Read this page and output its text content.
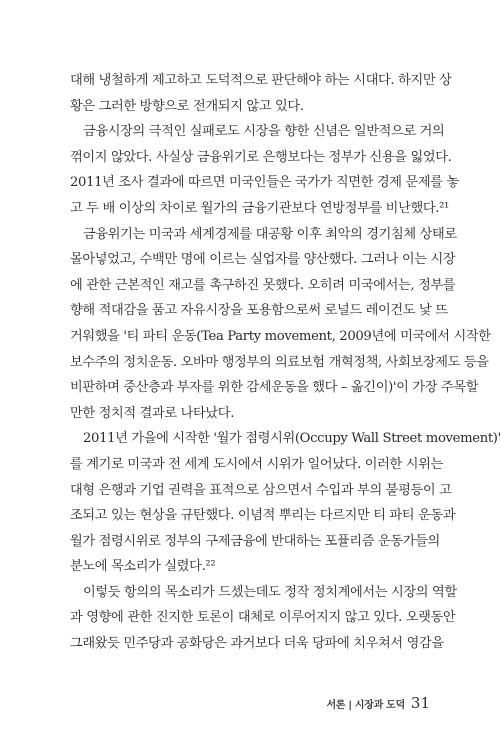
대해 냉철하게 제고하고 도덕적으로 판단해야 하는 시대다. 하지만 상
황은 그러한 방향으로 전개되지 않고 있다.
금융시장의 극적인 실패로도 시장을 향한 신념은 일반적으로 거의
꺾이지 않았다. 사실상 금융위기로 은행보다는 정부가 신용을 잃었다.
2011년 조사 결과에 따르면 미국인들은 국가가 직면한 경제 문제를 놓
고 두 배 이상의 차이로 월가의 금융기관보다 연방정부를 비난했다.²¹
금융위기는 미국과 세계경제를 대공황 이후 최악의 경기침체 상태로
몰아넣었고, 수백만 명에 이르는 실업자를 양산했다. 그러나 이는 시장
에 관한 근본적인 재고를 촉구하진 못했다. 오히려 미국에서는, 정부를
향해 적대감을 품고 자유시장을 포용함으로써 로널드 레이건도 낯 뜨
거워했을 '티 파티 운동(Tea Party movement, 2009년에 미국에서 시작한
보수주의 정치운동. 오바마 행정부의 의료보험 개혁정책, 사회보장제도 등을
비판하며 중산층과 부자를 위한 감세운동을 했다 – 옮긴이)'이 가장 주목할
만한 정치적 결과로 나타났다.
2011년 가을에 시작한 '월가 점령시위(Occupy Wall Street movement)'
를 계기로 미국과 전 세계 도시에서 시위가 일어났다. 이러한 시위는
대형 은행과 기업 권력을 표적으로 삼으면서 수입과 부의 불평등이 고
조되고 있는 현상을 규탄했다. 이념적 뿌리는 다르지만 티 파티 운동과
월가 점령시위로 정부의 구제금융에 반대하는 포퓰리즘 운동가들의
분노에 목소리가 실렸다.²²
이렇듯 항의의 목소리가 드셌는데도 정작 정치계에서는 시장의 역할
과 영향에 관한 진지한 토론이 대체로 이루어지지 않고 있다. 오랫동안
그래왔듯 민주당과 공화당은 과거보다 더욱 당파에 치우쳐서 영감을
서론 | 시장과 도덕 31
